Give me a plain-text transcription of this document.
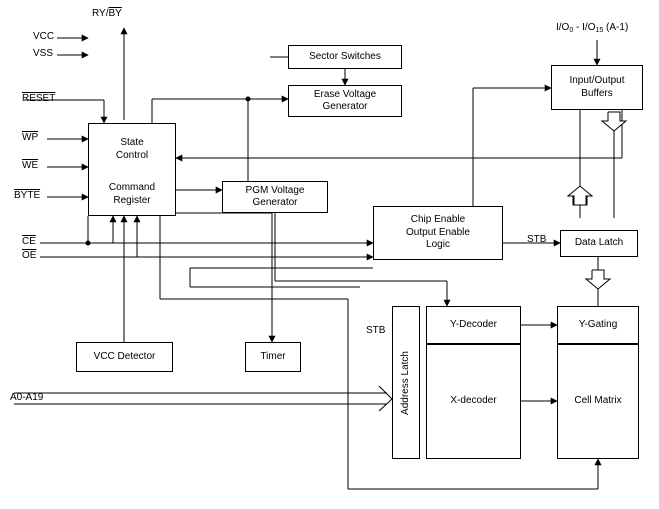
$RY/\overline{BY}$
VCC
VSS
RESET
$\overline{WP}$
$\overline{WE}$
BYTE
$\overline{CE}$
$\overline{OE}$
A0-A19
$I/O_0 - I/O_{15}$ (A-1)
STB
STB
State
Control
Command
Register
Sector Switches
Erase Voltage
Generator
PGM Voltage
Generator
Chip Enable
Output Enable
Logic
Input/Output
Buffers
Data Latch
VCC Detector	Timer	Address Latch
Y-Decoder
X-decoder
Y-Gating
Cell Matrix
